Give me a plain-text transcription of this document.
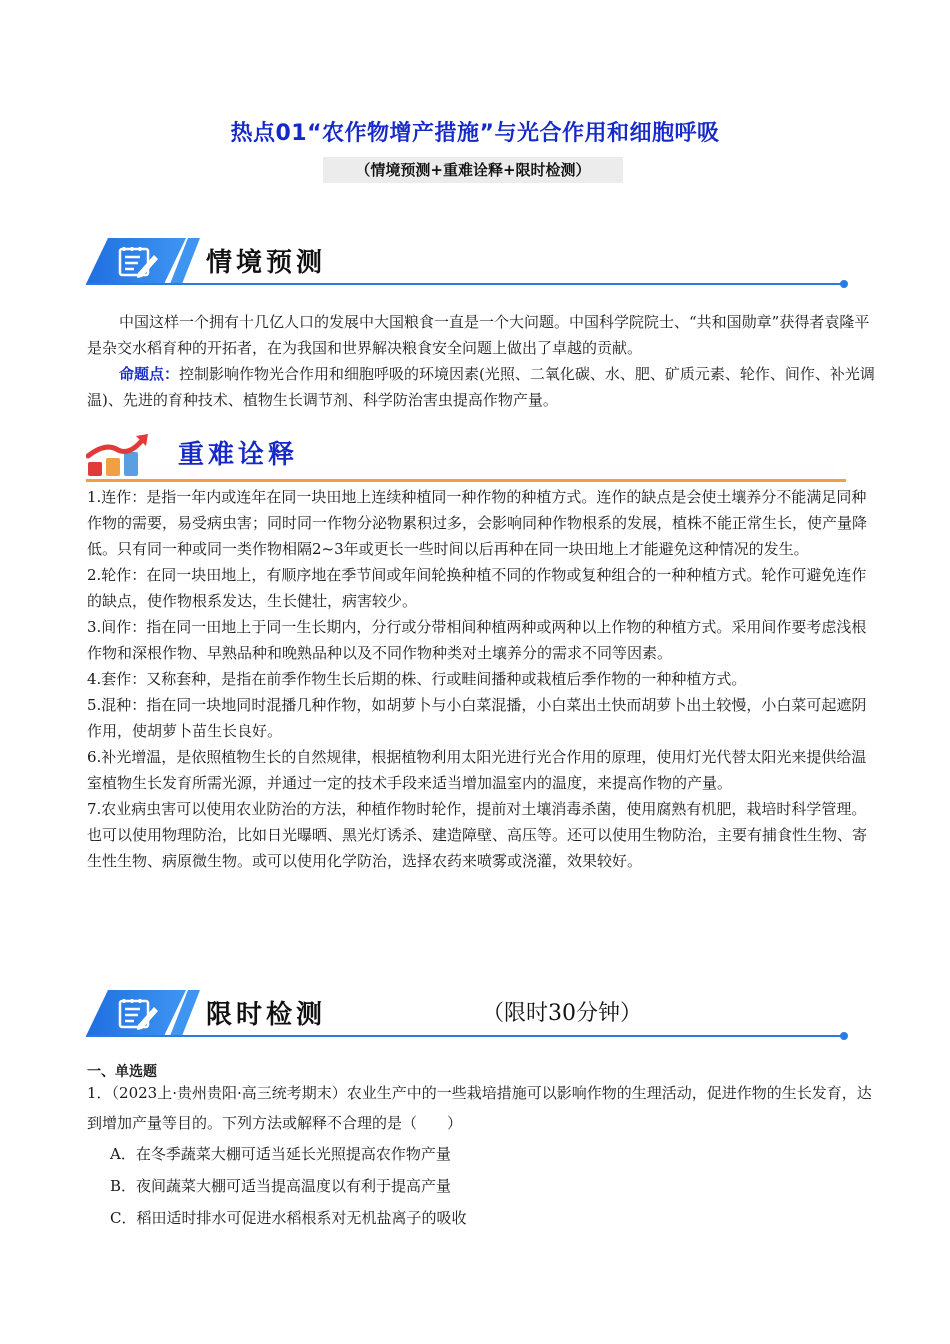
热点01“农作物增产措施”与光合作用和细胞呼吸
（情境预测+重难诠释+限时检测）
情境预测
中国这样一个拥有十几亿人口的发展中大国粮食一直是一个大问题。中国科学院院士、“共和国勋章”获得者袁隆平是杂交水稻育种的开拓者，在为我国和世界解决粮食安全问题上做出了卓越的贡献。
命题点：控制影响作物光合作用和细胞呼吸的环境因素(光照、二氧化碳、水、肥、矿质元素、轮作、间作、补光调温)、先进的育种技术、植物生长调节剂、科学防治害虫提高作物产量。
重难诠释

1.连作：是指一年内或连年在同一块田地上连续种植同一种作物的种植方式。连作的缺点是会使土壤养分不能满足同种作物的需要，易受病虫害；同时同一作物分泌物累积过多，会影响同种作物根系的发展，植株不能正常生长，使产量降低。只有同一种或同一类作物相隔2~3年或更长一些时间以后再种在同一块田地上才能避免这种情况的发生。

2.轮作：在同一块田地上，有顺序地在季节间或年间轮换种植不同的作物或复种组合的一种种植方式。轮作可避免连作的缺点，使作物根系发达，生长健壮，病害较少。

3.间作：指在同一田地上于同一生长期内，分行或分带相间种植两种或两种以上作物的种植方式。采用间作要考虑浅根作物和深根作物、早熟品种和晚熟品种以及不同作物种类对土壤养分的需求不同等因素。

4.套作：又称套种，是指在前季作物生长后期的株、行或畦间播种或栽植后季作物的一种种植方式。

5.混种：指在同一块地同时混播几种作物，如胡萝卜与小白菜混播，小白菜出土快而胡萝卜出土较慢，小白菜可起遮阴作用，使胡萝卜苗生长良好。

6.补光增温，是依照植物生长的自然规律，根据植物利用太阳光进行光合作用的原理，使用灯光代替太阳光来提供给温室植物生长发育所需光源，并通过一定的技术手段来适当增加温室内的温度，来提高作物的产量。

7.农业病虫害可以使用农业防治的方法，种植作物时轮作，提前对土壤消毒杀菌，使用腐熟有机肥，栽培时科学管理。也可以使用物理防治，比如日光曝晒、黑光灯诱杀、建造障壁、高压等。还可以使用生物防治，主要有捕食性生物、寄生性生物、病原微生物。或可以使用化学防治，选择农药来喷雾或浇灌，效果较好。

限时检测	（限时30分钟）
一、单选题
1．（2023上·贵州贵阳·高三统考期末）农业生产中的一些栽培措施可以影响作物的生理活动，促进作物的生长发育，达到增加产量等目的。下列方法或解释不合理的是（　　）
A．在冬季蔬菜大棚可适当延长光照提高农作物产量
B．夜间蔬菜大棚可适当提高温度以有利于提高产量
C．稻田适时排水可促进水稻根系对无机盐离子的吸收
